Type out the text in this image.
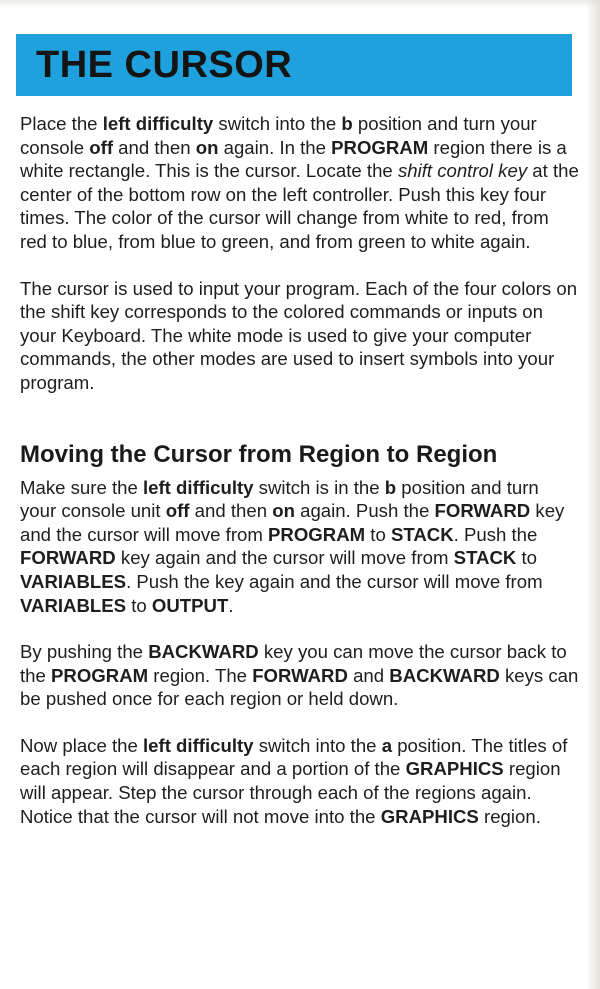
THE CURSOR

Place the left difficulty switch into the b position and turn your console off and then on again. In the PROGRAM region there is a white rectangle. This is the cursor. Locate the shift control key at the center of the bottom row on the left controller. Push this key four times. The color of the cursor will change from white to red, from red to blue, from blue to green, and from green to white again.

The cursor is used to input your program. Each of the four colors on the shift key corresponds to the colored commands or inputs on your Keyboard. The white mode is used to give your computer commands, the other modes are used to insert symbols into your program.

Moving the Cursor from Region to Region

Make sure the left difficulty switch is in the b position and turn your console unit off and then on again. Push the FORWARD key and the cursor will move from PROGRAM to STACK. Push the FORWARD key again and the cursor will move from STACK to VARIABLES. Push the key again and the cursor will move from VARIABLES to OUTPUT.

By pushing the BACKWARD key you can move the cursor back to the PROGRAM region. The FORWARD and BACKWARD keys can be pushed once for each region or held down.

Now place the left difficulty switch into the a position. The titles of each region will disappear and a portion of the GRAPHICS region will appear. Step the cursor through each of the regions again. Notice that the cursor will not move into the GRAPHICS region.
